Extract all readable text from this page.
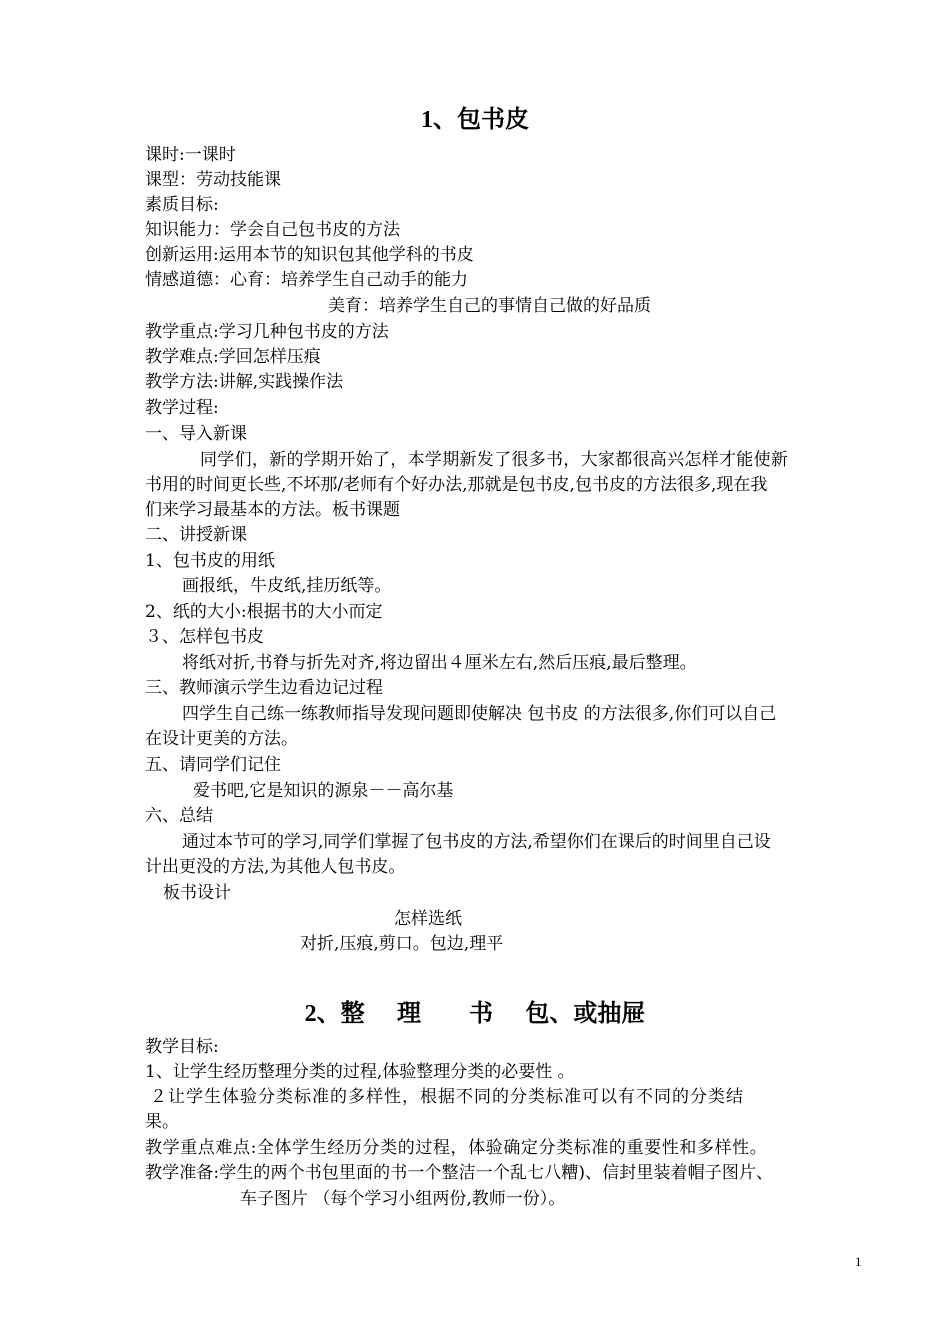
1、包书皮

课时:一课时

课型：劳动技能课

素质目标:

知识能力：学会自己包书皮的方法

创新运用:运用本节的知识包其他学科的书皮

情感道德：心育：培养学生自己动手的能力

美育：培养学生自己的事情自己做的好品质

教学重点:学习几种包书皮的方法

教学难点:学回怎样压痕

教学方法:讲解,实践操作法

教学过程:

一、导入新课

同学们，新的学期开始了，本学期新发了很多书，大家都很高兴怎样才能使新

书用的时间更长些,不坏那/老师有个好办法,那就是包书皮,包书皮的方法很多,现在我

们来学习最基本的方法。板书课题

二、讲授新课

1、包书皮的用纸

画报纸，牛皮纸,挂历纸等。

2、纸的大小:根据书的大小而定

３、怎样包书皮

将纸对折,书脊与折先对齐,将边留出４厘米左右,然后压痕,最后整理。

三、教师演示学生边看边记过程

四学生自己练一练教师指导发现问题即使解决 包书皮 的方法很多,你们可以自己

在设计更美的方法。

五、请同学们记住

爱书吧,它是知识的源泉－－高尔基

六、总结

通过本节可的学习,同学们掌握了包书皮的方法,希望你们在课后的时间里自己设

计出更没的方法,为其他人包书皮。

板书设计

怎样选纸

对折,压痕,剪口。包边,理平

2、整　 理　　书　 包、或抽屉

教学目标:

1、让学生经历整理分类的过程,体验整理分类的必要性 。

２让学生体验分类标准的多样性，根据不同的分类标准可以有不同的分类结

果。

教学重点难点:全体学生经历分类的过程，体验确定分类标准的重要性和多样性。

教学准备:学生的两个书包里面的书一个整洁一个乱七八糟)、信封里装着帽子图片、

车子图片 （每个学习小组两份,教师一份）。

1
